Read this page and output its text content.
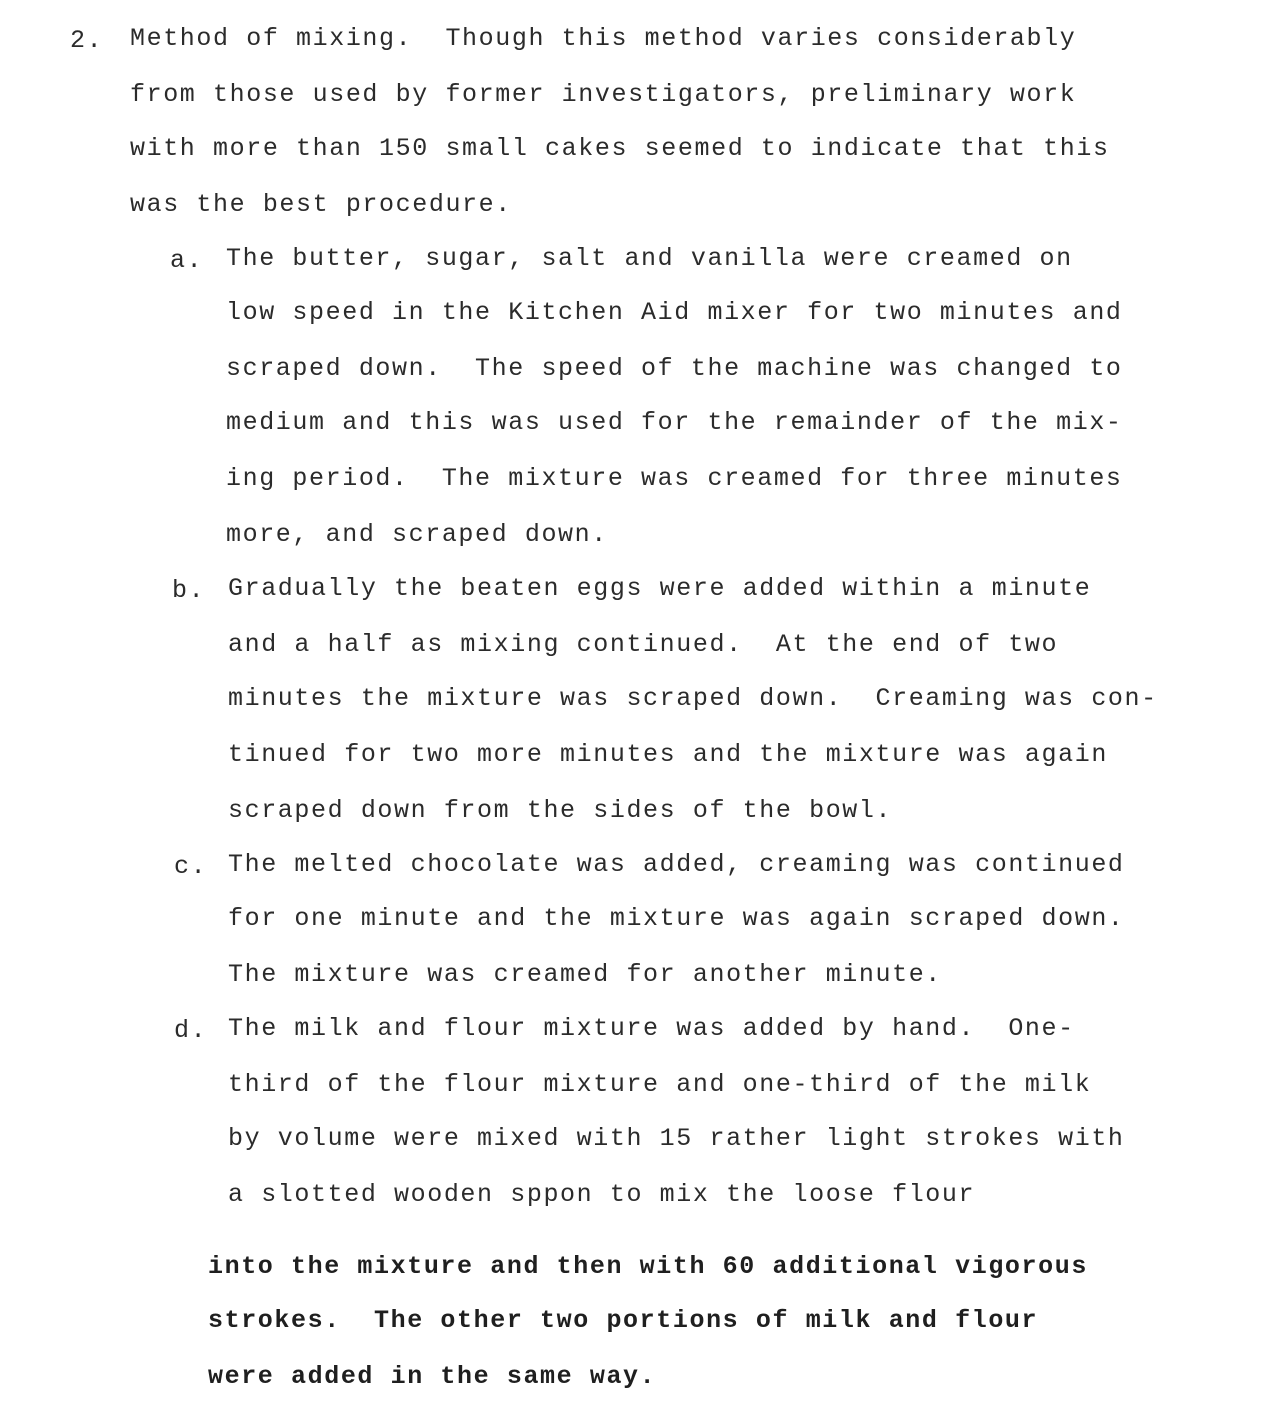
2. Method of mixing.  Though this method varies considerably
from those used by former investigators, preliminary work
with more than 150 small cakes seemed to indicate that this
was the best procedure.
a. The butter, sugar, salt and vanilla were creamed on
low speed in the Kitchen Aid mixer for two minutes and
scraped down.  The speed of the machine was changed to
medium and this was used for the remainder of the mix-
ing period.  The mixture was creamed for three minutes
more, and scraped down.
b. Gradually the beaten eggs were added within a minute
and a half as mixing continued.  At the end of two
minutes the mixture was scraped down.  Creaming was con-
tinued for two more minutes and the mixture was again
scraped down from the sides of the bowl.
c. The melted chocolate was added, creaming was continued
for one minute and the mixture was again scraped down.
The mixture was creamed for another minute.
d. The milk and flour mixture was added by hand.  One-
third of the flour mixture and one-third of the milk
by volume were mixed with 15 rather light strokes with
a slotted wooden sppon to mix the loose flour
into the mixture and then with 60 additional vigorous
strokes.  The other two portions of milk and flour
were added in the same way.
